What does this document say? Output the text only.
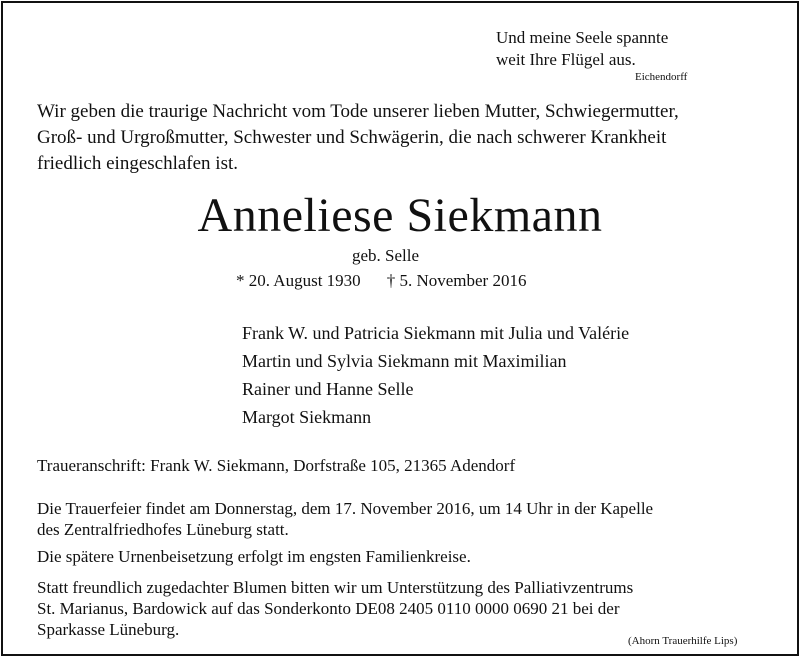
Und meine Seele spannte
weit Ihre Flügel aus.
Eichendorff
Wir geben die traurige Nachricht vom Tode unserer lieben Mutter, Schwiegermutter,
Groß- und Urgroßmutter, Schwester und Schwägerin, die nach schwerer Krankheit
friedlich eingeschlafen ist.
Anneliese Siekmann
geb. Selle
* 20. August 1930 † 5. November 2016
Frank W. und Patricia Siekmann mit Julia und Valérie
Martin und Sylvia Siekmann mit Maximilian
Rainer und Hanne Selle
Margot Siekmann
Traueranschrift: Frank W. Siekmann, Dorfstraße 105, 21365 Adendorf
Die Trauerfeier findet am Donnerstag, dem 17. November 2016, um 14 Uhr in der Kapelle
des Zentralfriedhofes Lüneburg statt.
Die spätere Urnenbeisetzung erfolgt im engsten Familienkreise.
Statt freundlich zugedachter Blumen bitten wir um Unterstützung des Palliativzentrums
St. Marianus, Bardowick auf das Sonderkonto DE08 2405 0110 0000 0690 21 bei der
Sparkasse Lüneburg.
(Ahorn Trauerhilfe Lips)
